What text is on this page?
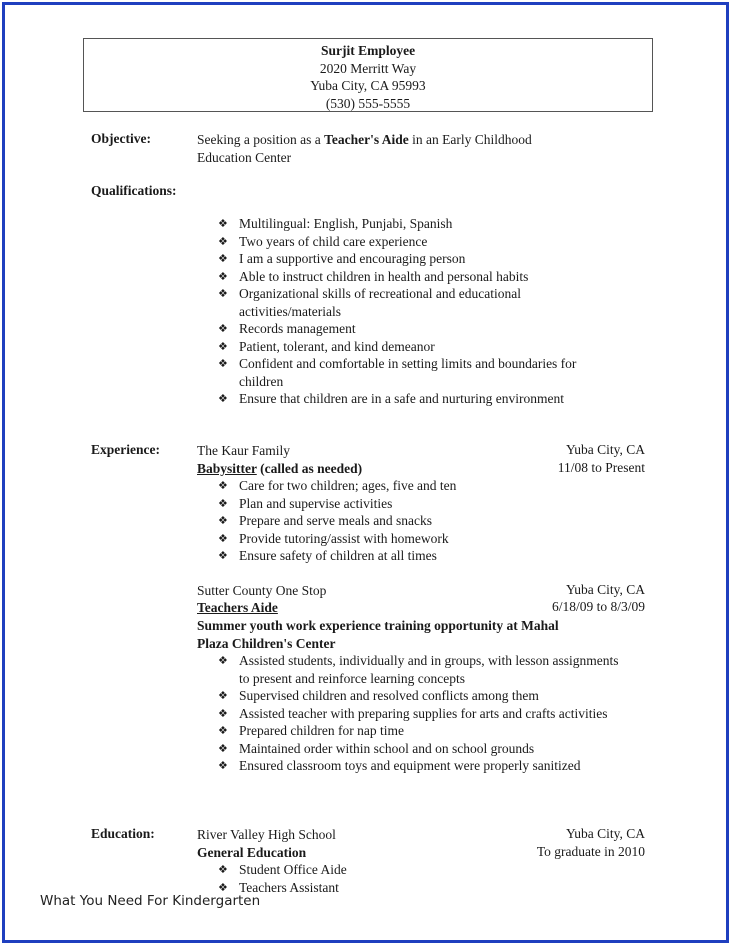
Surjit Employee
2020 Merritt Way
Yuba City, CA 95993
(530) 555-5555
Objective:	Seeking a position as a Teacher's Aide in an Early Childhood
Education Center
Qualifications:
❖ Multilingual: English, Punjabi, Spanish
❖ Two years of child care experience
❖ I am a supportive and encouraging person
❖ Able to instruct children in health and personal habits
❖ Organizational skills of recreational and educational activities/materials
❖ Records management
❖ Patient, tolerant, and kind demeanor
❖ Confident and comfortable in setting limits and boundaries for children
❖ Ensure that children are in a safe and nurturing environment
Experience:	The Kaur Family	Yuba City, CA
Babysitter (called as needed)	11/08 to Present
❖ Care for two children; ages, five and ten
❖ Plan and supervise activities
❖ Prepare and serve meals and snacks
❖ Provide tutoring/assist with homework
❖ Ensure safety of children at all times
Sutter County One Stop	Yuba City, CA
Teachers Aide	6/18/09 to 8/3/09
Summer youth work experience training opportunity at Mahal
Plaza Children's Center
❖ Assisted students, individually and in groups, with lesson assignments to present and reinforce learning concepts
❖ Supervised children and resolved conflicts among them
❖ Assisted teacher with preparing supplies for arts and crafts activities
❖ Prepared children for nap time
❖ Maintained order within school and on school grounds
❖ Ensured classroom toys and equipment were properly sanitized
Education:	River Valley High School	Yuba City, CA
General Education	To graduate in 2010
❖ Student Office Aide
❖ Teachers Assistant
What You Need For Kindergarten
